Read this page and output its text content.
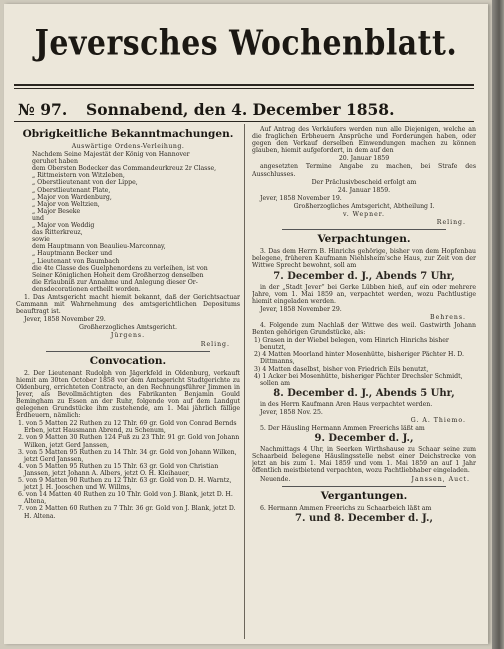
Jeversches Wochenblatt.
№ 97. Sonnabend, den 4. December 1858.
Obrigkeitliche Bekanntmachungen.
Auswärtige Ordens-Verleihung.
Nachdem Seine Majestät der König von Hannover
geruhet haben
dem Obersten Bodecker das Commandeurkreuz 2r Classe,
„ Rittmeistern von Witzleben,
„ Oberstlieutenant von der Lippe,
„ Oberstlieutenant Plate,
„ Major von Wardenburg,
„ Major von Weltzien,
„ Major Beseke
und
„ Major von Weddig
das Ritterkreuz,
sowie
dem Hauptmann von Beaulieu-Marconnay,
„ Hauptmann Becker und
„ Lieutenant von Baumbach
die 4te Classe des Guelphenordens zu verleihen, ist von
Seiner Königlichen Hoheit dem Großherzog denselben
die Erlaubniß zur Annahme und Anlegung dieser Or-
densdecorationen ertheilt worden.
1. Das Amtsgericht macht hiemit bekannt, daß der Gerichtsactuar Cammann mit Wahrnehmung des amtsgerichtlichen Depositums beauftragt ist.
Jever, 1858 November 29.
Großherzogliches Amtsgericht.
Jürgens.
Reling.
Convocation.
2. Der Lieutenant Rudolph von Jägerkfeld in Oldenburg, verkauft hiemit am 30ten October 1858 vor dem Amtsgericht Stadtgerichte zu Oldenburg, errichteten Contracte, an den Rechnungsführer Jimmen in Jever, als Bevollmächtigten des Fabrikanten Benjamin Gould Bemingham zu Essen an der Ruhr, folgende von auf dem Landgut gelegenen Grundstücke ihm zustehende, am 1. Mai jährlich fällige Erdheuern, nämlich:
1. von 5 Matten 22 Ruthen zu 12 Thlr. 69 gr. Gold von Conrad Bernds Erben, jetzt Hausmann Abrend, zu Schenum,
2. von 9 Matten 30 Ruthen 124 Fuß zu 23 Thlr. 91 gr. Gold von Johann Wilken, jetzt Gerd Janssen,
3. von 5 Matten 95 Ruthen zu 14 Thlr. 34 gr. Gold von Johann Wilken, jetzt Gerd Janssen,
4. von 5 Matten 95 Ruthen zu 15 Thlr. 63 gr. Gold von Christian Janssen, jetzt Johann A. Albers, jetzt O. H. Kleihauer,
5. von 9 Matten 90 Ruthen zu 12 Thlr. 63 gr. Gold von D. H. Warntz, jetzt J. H. Jooschen und W. Willms,
6. von 14 Matten 40 Ruthen zu 10 Thlr. Gold von J. Blank, jetzt D. H. Altena,
7. von 2 Matten 60 Ruthen zu 7 Thlr. 36 gr. Gold von J. Blank, jetzt D. H. Altena.
Auf Antrag des Verkäufers werden nun alle Diejenigen, welche an die fraglichen Erbheuern Ansprüche und Forderungen haben, oder gegen den Verkauf derselben Einwendungen machen zu können glauben, hiemit aufgefordert, in dem auf den
20. Januar 1859
angesetzten Termine Angabe zu machen, bei Strafe des Ausschlusses.
Der Präclusivbescheid erfolgt am
24. Januar 1859.
Jever, 1858 November 19.
Großherzogliches Amtsgericht, Abtheilung I.
v. Wepner.
Reling.
Verpachtungen.
3. Das dem Herrn B. Hinrichs gehörige, bisher von dem Hopfenbau belegene, früheren Kaufmann Niehlsheim'sche Haus, zur Zeit von der Wittwe Sprecht bewohnt, soll am
7. December d. J., Abends 7 Uhr,
in der „Stadt Jever“ bei Gerke Lübben hieß, auf ein oder mehrere Jahre, vom 1. Mai 1859 an, verpachtet werden, wozu Pachtlustige hiemit eingeladen werden.
Jever, 1858 November 29.
Behrens.
4. Folgende zum Nachlaß der Wittwe des weil. Gastwirth Johann Benten gehörigen Grundstücke, als:
1) Grasen in der Wiebel belegen, vom Hinrich Hinrichs bisher benutzt,
2) 4 Matten Moorland hinter Mosenhütte, bisheriger Pächter H. D. Dittmanns,
3) 4 Matten daselbst, bisher von Friedrich Eils benutzt,
4) 1 Acker bei Mosenhütte, bisheriger Pächter Drechsler Schmidt,
sollen am
8. December d. J., Abends 5 Uhr,
in des Herrn Kaufmann Aren Haus verpachtet werden.
Jever, 1858 Nov. 25.
G. A. Thiemo.
5. Der Häusling Hermann Ammen Freerichs läßt am
9. December d. J.,
Nachmittags 4 Uhr, in Seerken Wirthshause zu Schaar seine zum Schaarbeid belegene Häuslingsstelle nebst einer Deichstrecke von jetzt an bis zum 1. Mai 1859 und vom 1. Mai 1859 an auf 1 Jahr öffentlich meistbietend verpachten, wozu Pachtliebhaber eingeladen.
Neuende.	Janssen, Auct.
Vergantungen.
6. Hermann Ammen Freerichs zu Schaarbeich läßt am
7. und 8. December d. J.,
